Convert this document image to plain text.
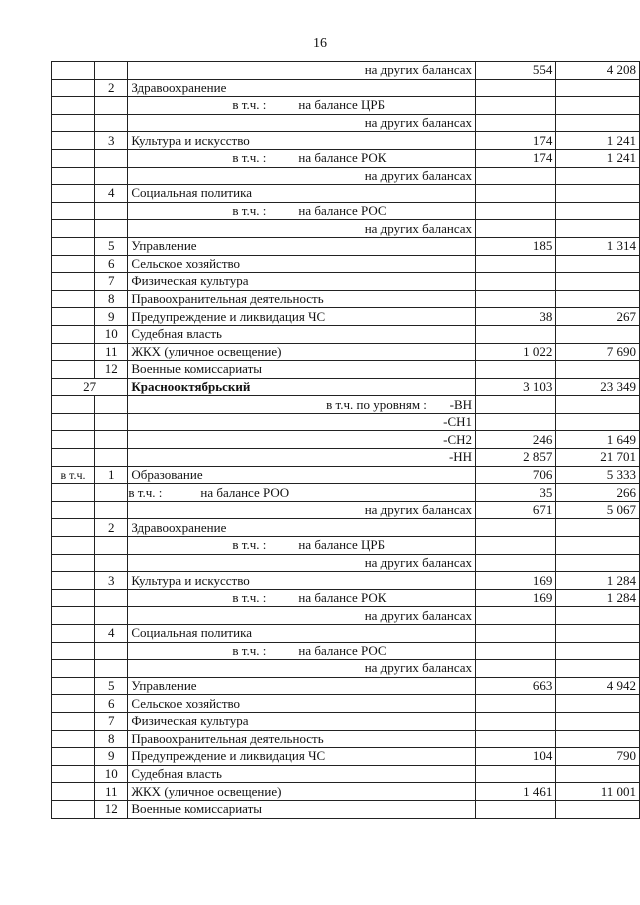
16
		на других балансах	554	4 208
	2	Здравоохранение		
		в т.ч. : на балансе ЦРБ		
		на других балансах		
	3	Культура и искусство	174	1 241
		в т.ч. : на балансе РОК	174	1 241
		на других балансах		
	4	Социальная политика		
		в т.ч. : на балансе РОС		
		на других балансах		
	5	Управление	185	1 314
	6	Сельское хозяйство		
	7	Физическая культура		
	8	Правоохранительная деятельность		
	9	Предупреждение и ликвидация ЧС	38	267
	10	Судебная власть		
	11	ЖКХ (уличное освещение)	1 022	7 690
	12	Военные комиссариаты		
27		Краснооктябрьский	3 103	23 349
		в т.ч. по уровням : -ВН		
		-СН1		
		-СН2	246	1 649
		-НН	2 857	21 701
в т.ч.	1	Образование	706	5 333
		в т.ч. : на балансе РОО	35	266
		на других балансах	671	5 067
	2	Здравоохранение		
		в т.ч. : на балансе ЦРБ		
		на других балансах		
	3	Культура и искусство	169	1 284
		в т.ч. : на балансе РОК	169	1 284
		на других балансах		
	4	Социальная политика		
		в т.ч. : на балансе РОС		
		на других балансах		
	5	Управление	663	4 942
	6	Сельское хозяйство		
	7	Физическая культура		
	8	Правоохранительная деятельность		
	9	Предупреждение и ликвидация ЧС	104	790
	10	Судебная власть		
	11	ЖКХ (уличное освещение)	1 461	11 001
	12	Военные комиссариаты		
